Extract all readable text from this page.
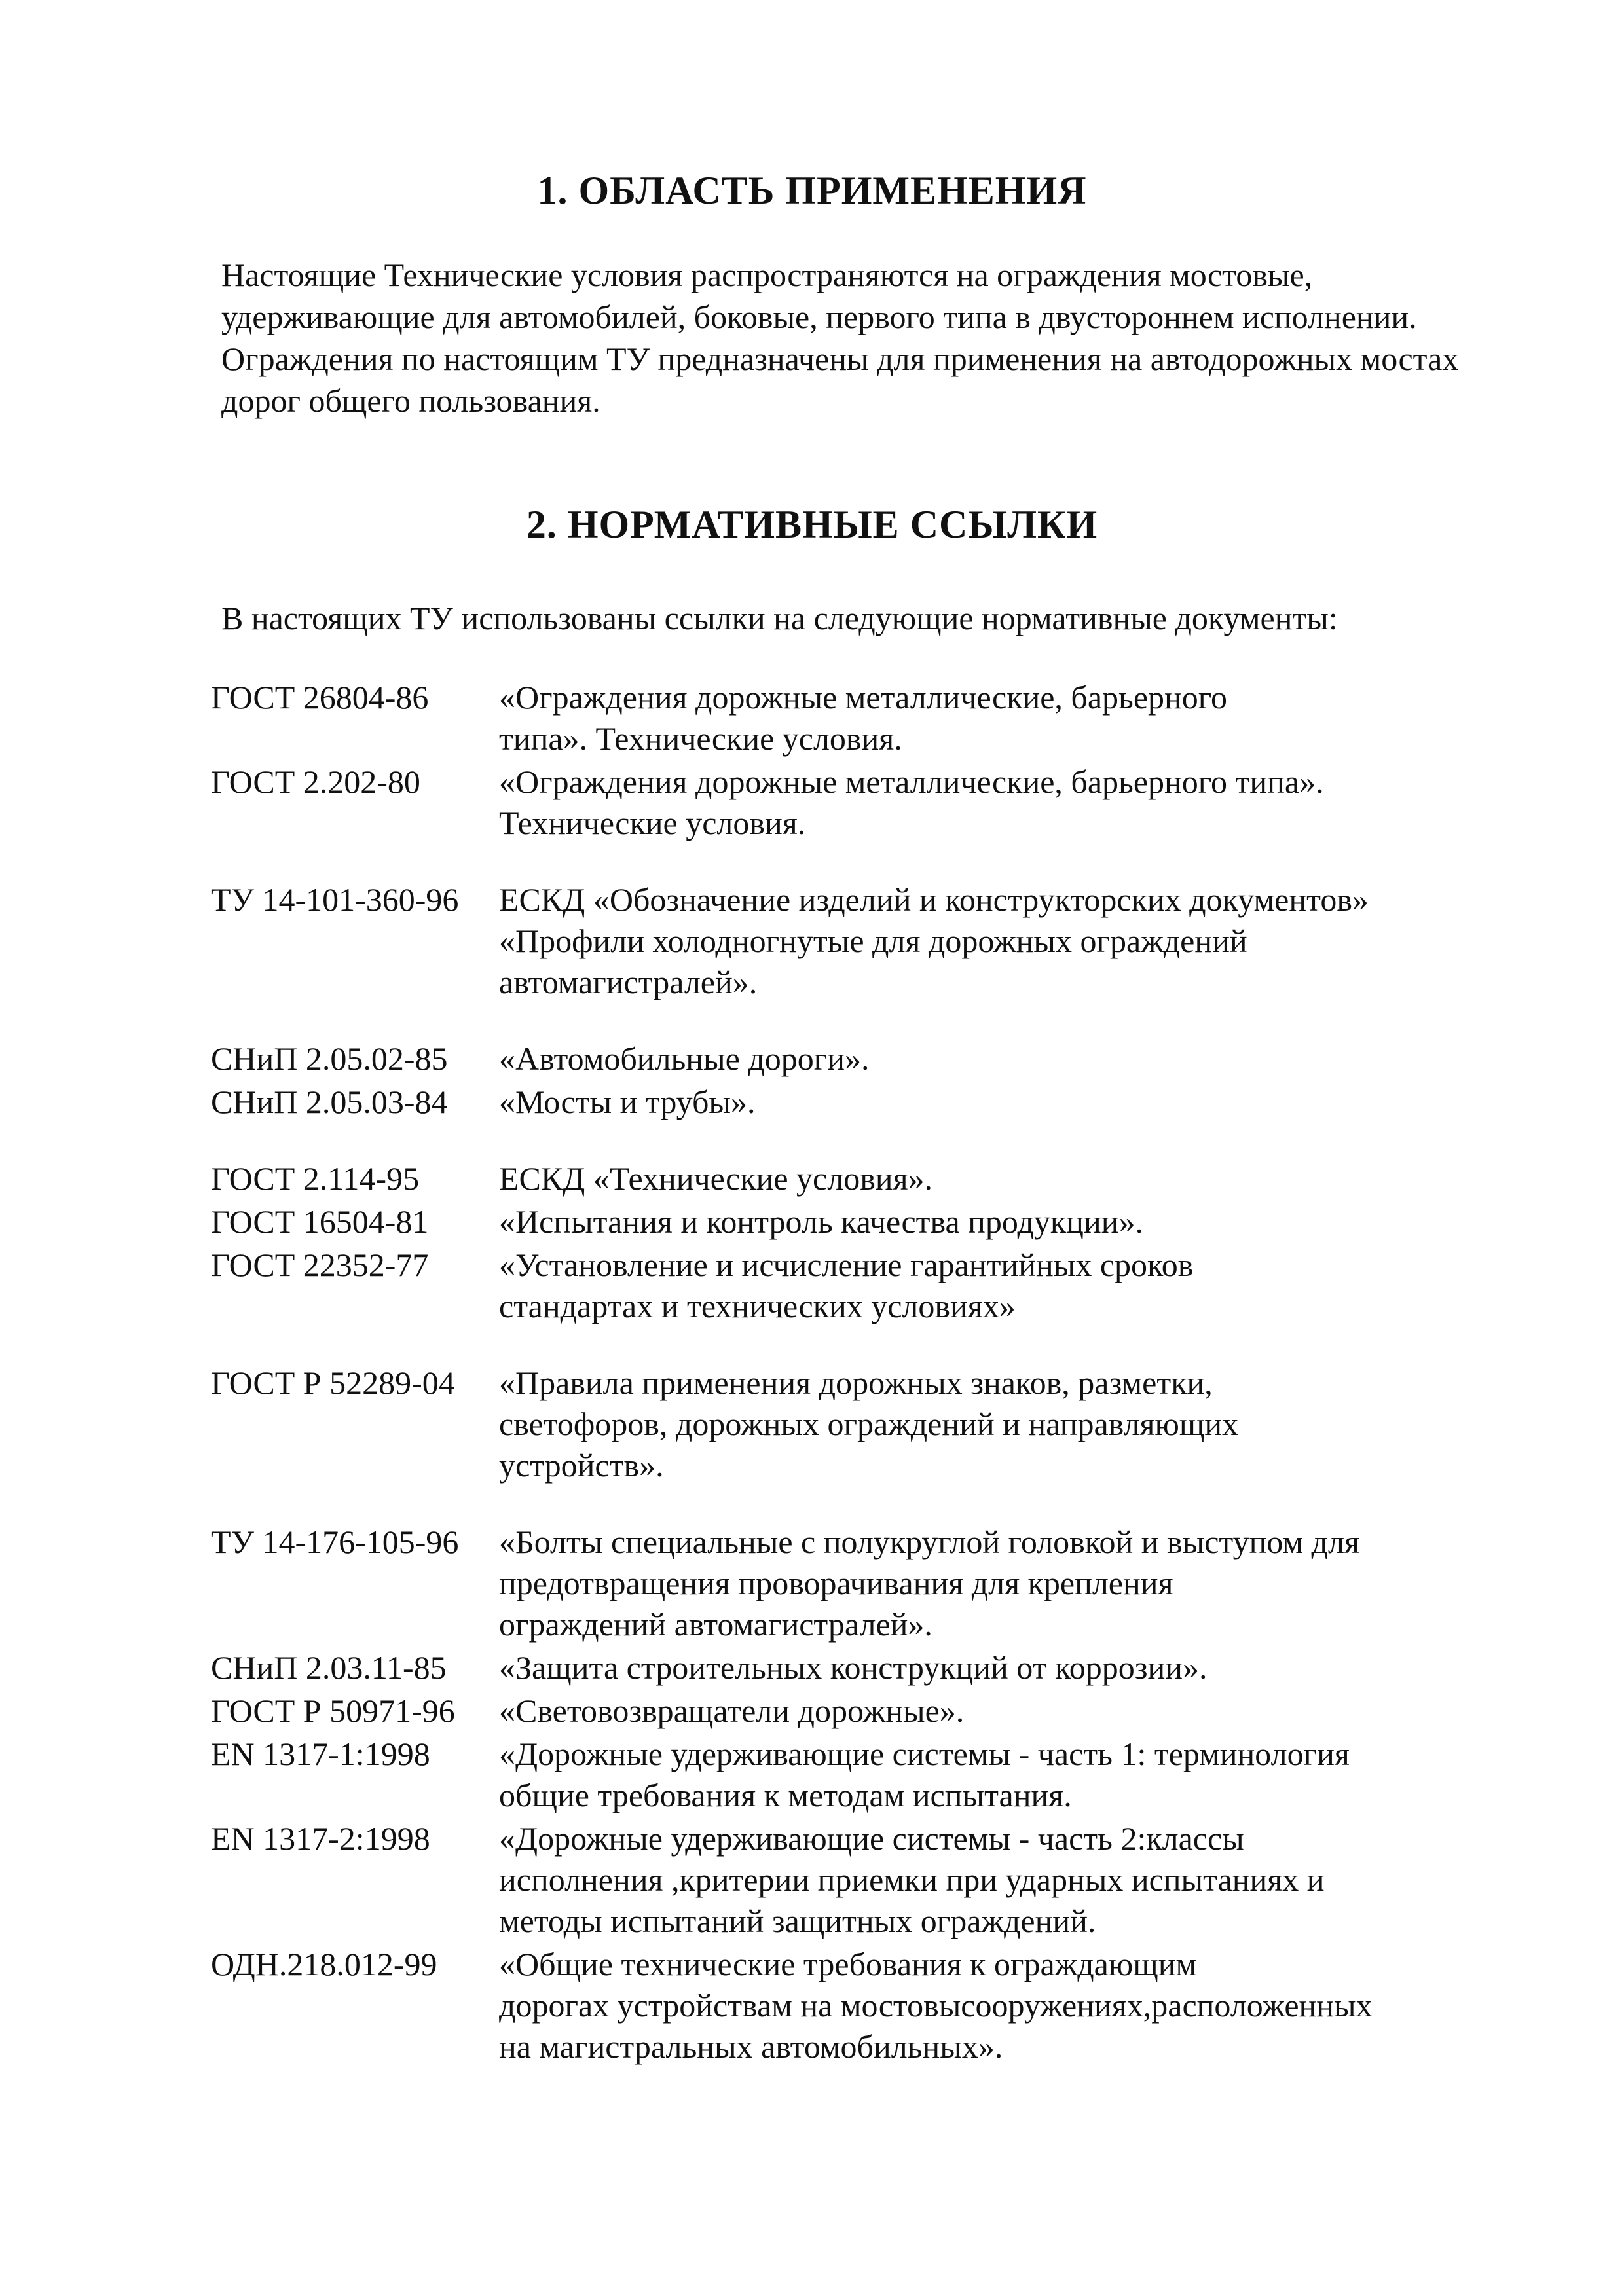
1. ОБЛАСТЬ ПРИМЕНЕНИЯ

Настоящие Технические условия распространяются на ограждения мостовые, удерживающие для автомобилей, боковые, первого типа в двустороннем исполнении.
Ограждения по настоящим ТУ предназначены для применения на автодорожных мостах дорог общего пользования.

2. НОРМАТИВНЫЕ ССЫЛКИ

В настоящих ТУ использованы ссылки на следующие нормативные документы:

ГОСТ 26804-86	«Ограждения дорожные металлические, барьерного
типа». Технические условия.
ГОСТ 2.202-80	«Ограждения дорожные металлические, барьерного типа».
Технические условия.
ТУ 14-101-360-96	ЕСКД «Обозначение изделий и конструкторских документов»
«Профили холодногнутые для дорожных ограждений
автомагистралей».
СНиП 2.05.02-85	«Автомобильные дороги».
СНиП 2.05.03-84	«Мосты и трубы».
ГОСТ 2.114-95	ЕСКД «Технические условия».
ГОСТ 16504-81	«Испытания и контроль качества продукции».
ГОСТ 22352-77	«Установление и исчисление гарантийных сроков
стандартах и технических условиях»
ГОСТ Р 52289-04	«Правила применения дорожных знаков, разметки,
светофоров, дорожных ограждений и направляющих
устройств».
ТУ 14-176-105-96	«Болты специальные с полукруглой головкой и выступом для
предотвращения проворачивания для крепления
ограждений автомагистралей».
СНиП 2.03.11-85	«Защита строительных конструкций от коррозии».
ГОСТ Р 50971-96	«Световозвращатели дорожные».
EN 1317-1:1998	«Дорожные удерживающие системы - часть 1: терминология
общие требования к методам испытания.
EN 1317-2:1998	«Дорожные удерживающие системы - часть 2:классы
исполнения ,критерии приемки при ударных испытаниях и
методы испытаний защитных ограждений.
ОДН.218.012-99	«Общие технические требования к ограждающим
дорогах устройствам на мостовысооружениях,расположенных
на магистральных автомобильных».
